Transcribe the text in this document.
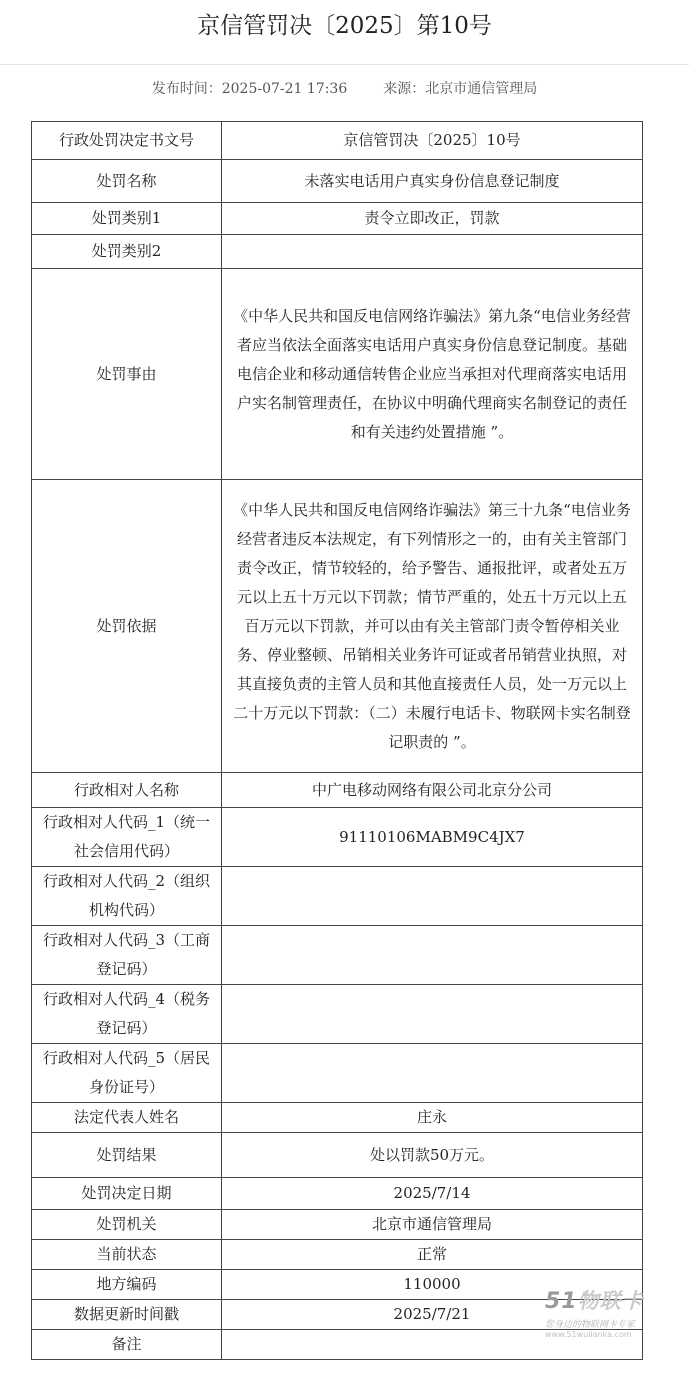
京信管罚决〔2025〕第10号
发布时间：2025-07-21 17:36	来源：北京市通信管理局
行政处罚决定书文号	京信管罚决〔2025〕10号
处罚名称	未落实电话用户真实身份信息登记制度
处罚类别1	责令立即改正，罚款
处罚类别2	
处罚事由	《中华人民共和国反电信网络诈骗法》第九条“电信业务经营者应当依法全面落实电话用户真实身份信息登记制度。基础电信企业和移动通信转售企业应当承担对代理商落实电话用户实名制管理责任，在协议中明确代理商实名制登记的责任和有关违约处置措施 ”。
处罚依据	《中华人民共和国反电信网络诈骗法》第三十九条“电信业务经营者违反本法规定，有下列情形之一的，由有关主管部门责令改正，情节较轻的，给予警告、通报批评，或者处五万元以上五十万元以下罚款；情节严重的，处五十万元以上五百万元以下罚款，并可以由有关主管部门责令暂停相关业务、停业整顿、吊销相关业务许可证或者吊销营业执照，对其直接负责的主管人员和其他直接责任人员，处一万元以上二十万元以下罚款：（二）未履行电话卡、物联网卡实名制登记职责的 ”。
行政相对人名称	中广电移动网络有限公司北京分公司
行政相对人代码_1（统一社会信用代码）	91110106MABM9C4JX7
行政相对人代码_2（组织机构代码）	
行政相对人代码_3（工商登记码）	
行政相对人代码_4（税务登记码）	
行政相对人代码_5（居民身份证号）	
法定代表人姓名	庄永
处罚结果	处以罚款50万元。
处罚决定日期	2025/7/14
处罚机关	北京市通信管理局
当前状态	正常
地方编码	110000
数据更新时间戳	2025/7/21
备注	
51物联卡
您身边的物联网卡专家
www.51wulianka.com
